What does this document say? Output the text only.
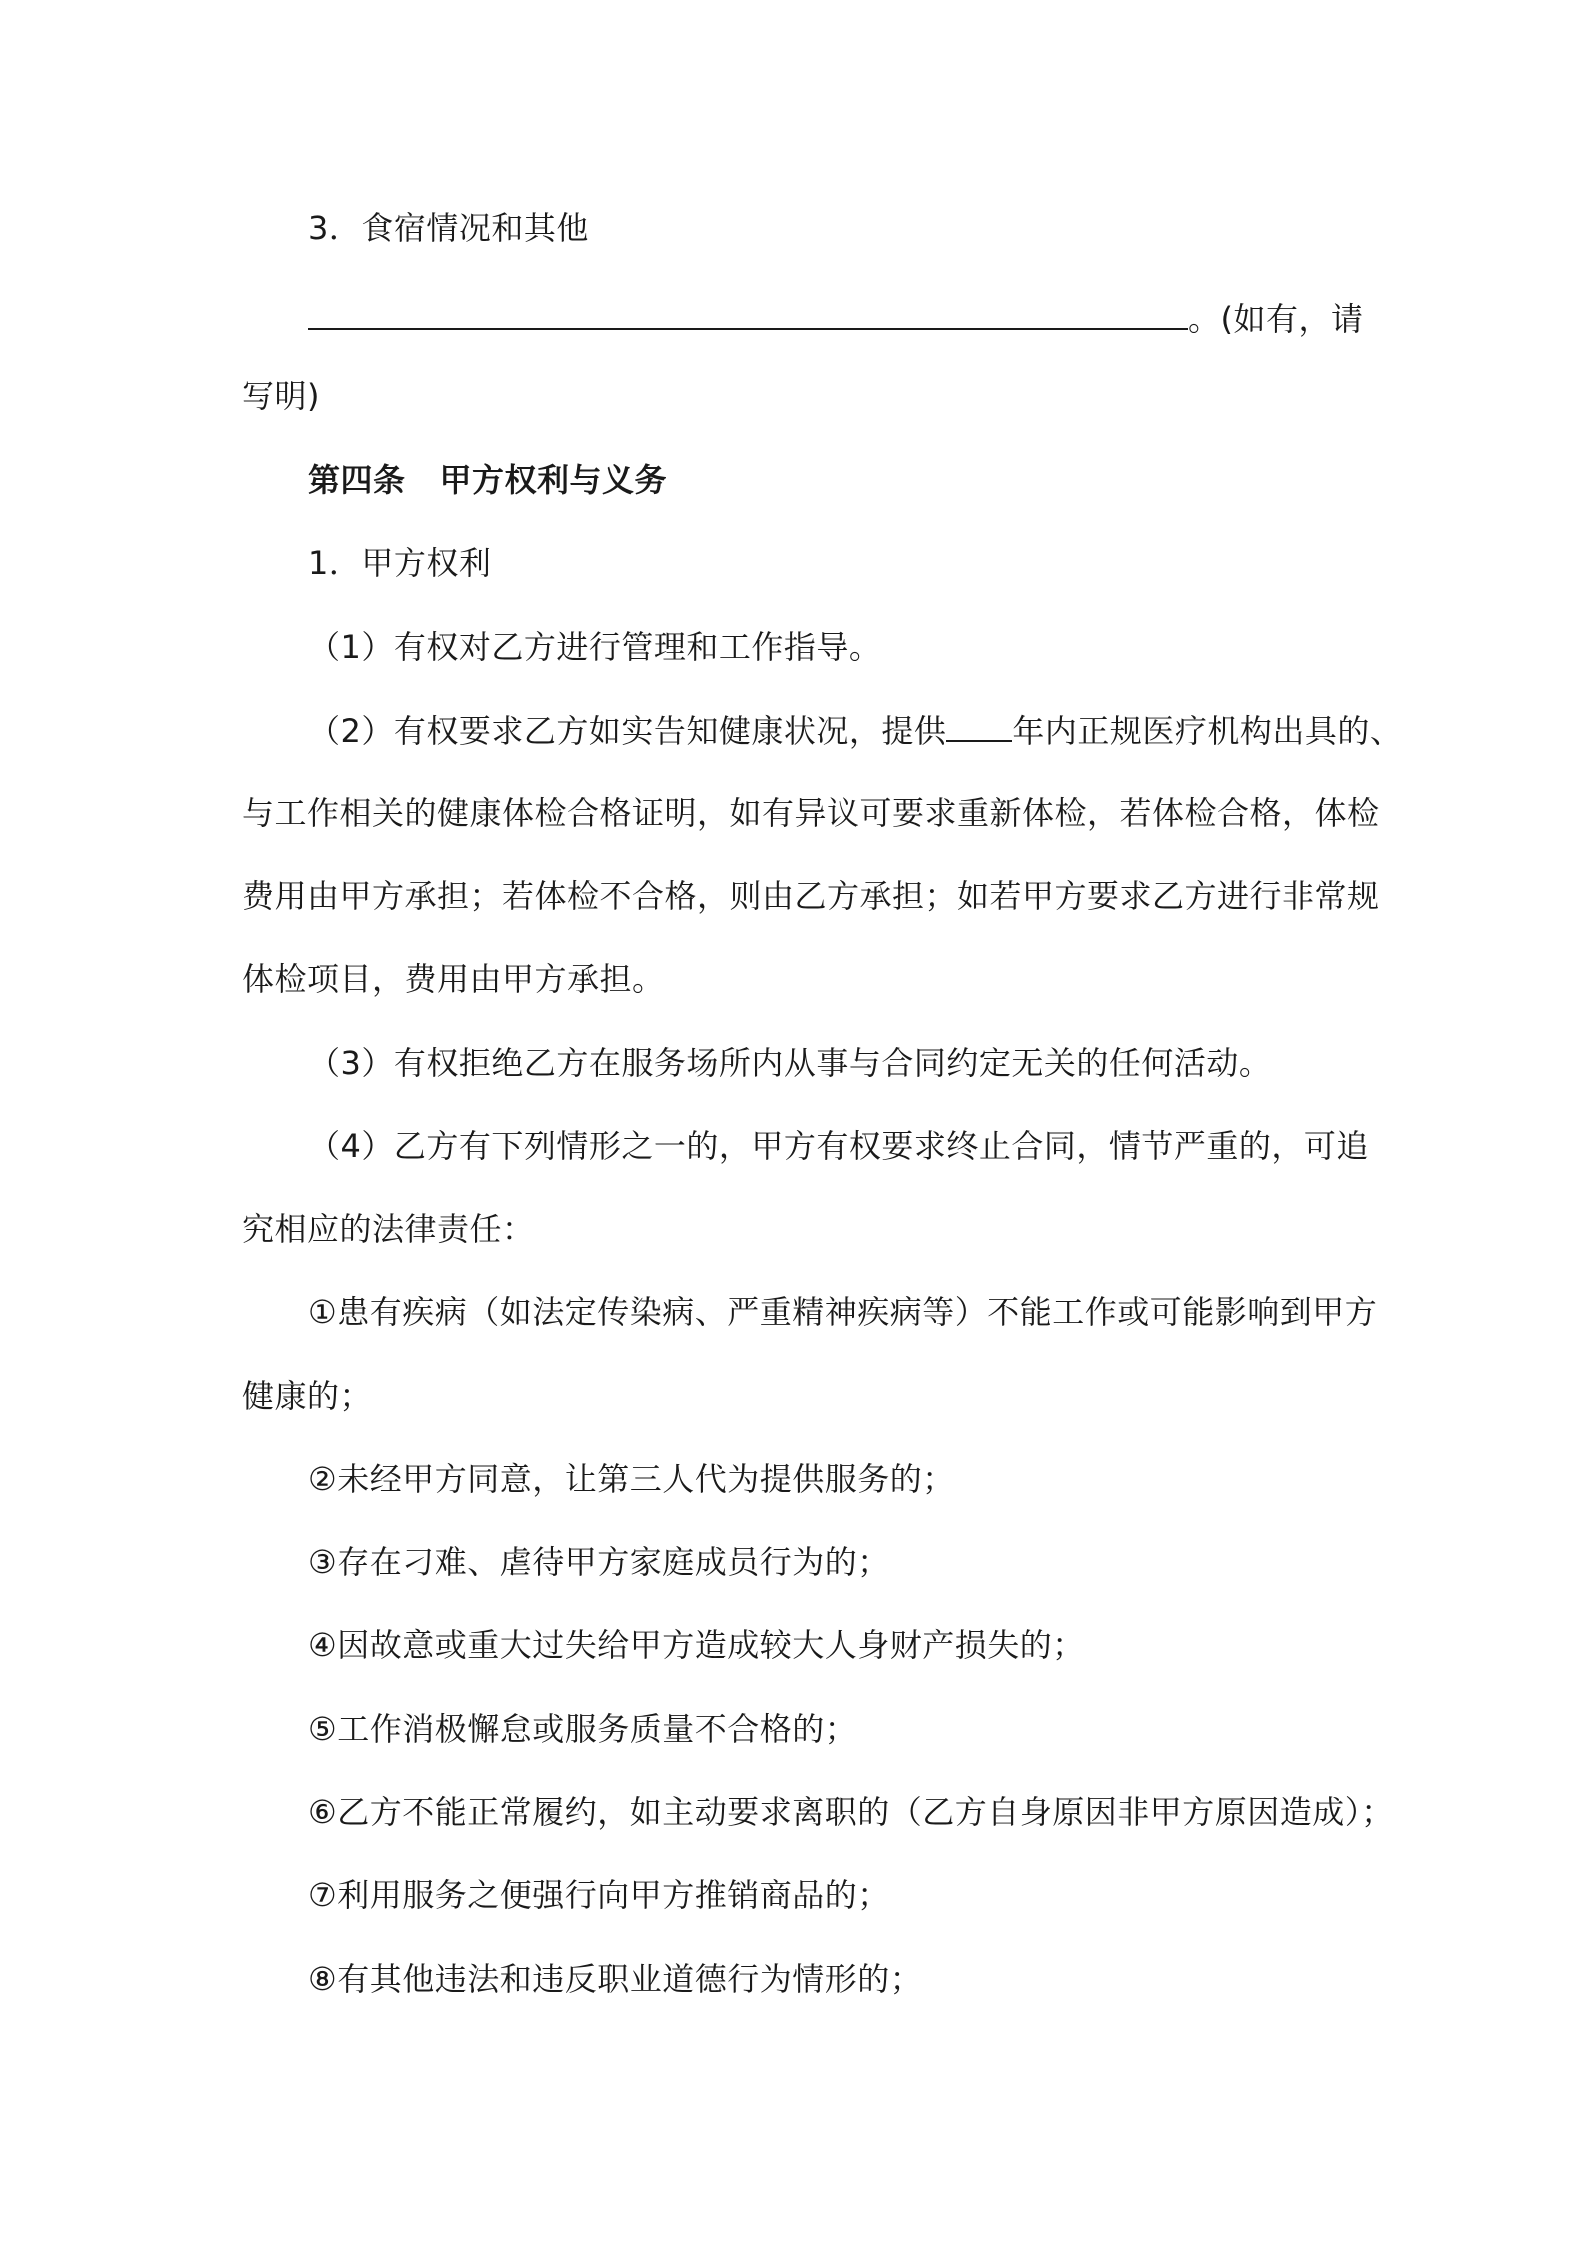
3．食宿情况和其他
。(如有，请
写明)
第四条 甲方权利与义务
1．甲方权利
（1）有权对乙方进行管理和工作指导。
（2）有权要求乙方如实告知健康状况，提供 年内正规医疗机构出具的、
与工作相关的健康体检合格证明，如有异议可要求重新体检，若体检合格，体检
费用由甲方承担；若体检不合格，则由乙方承担；如若甲方要求乙方进行非常规
体检项目，费用由甲方承担。
（3）有权拒绝乙方在服务场所内从事与合同约定无关的任何活动。
（4）乙方有下列情形之一的，甲方有权要求终止合同，情节严重的，可追
究相应的法律责任：
①患有疾病（如法定传染病、严重精神疾病等）不能工作或可能影响到甲方
健康的；
②未经甲方同意，让第三人代为提供服务的；
③存在刁难、虐待甲方家庭成员行为的；
④因故意或重大过失给甲方造成较大人身财产损失的；
⑤工作消极懈怠或服务质量不合格的；
⑥乙方不能正常履约，如主动要求离职的（乙方自身原因非甲方原因造成）；
⑦利用服务之便强行向甲方推销商品的；
⑧有其他违法和违反职业道德行为情形的；
